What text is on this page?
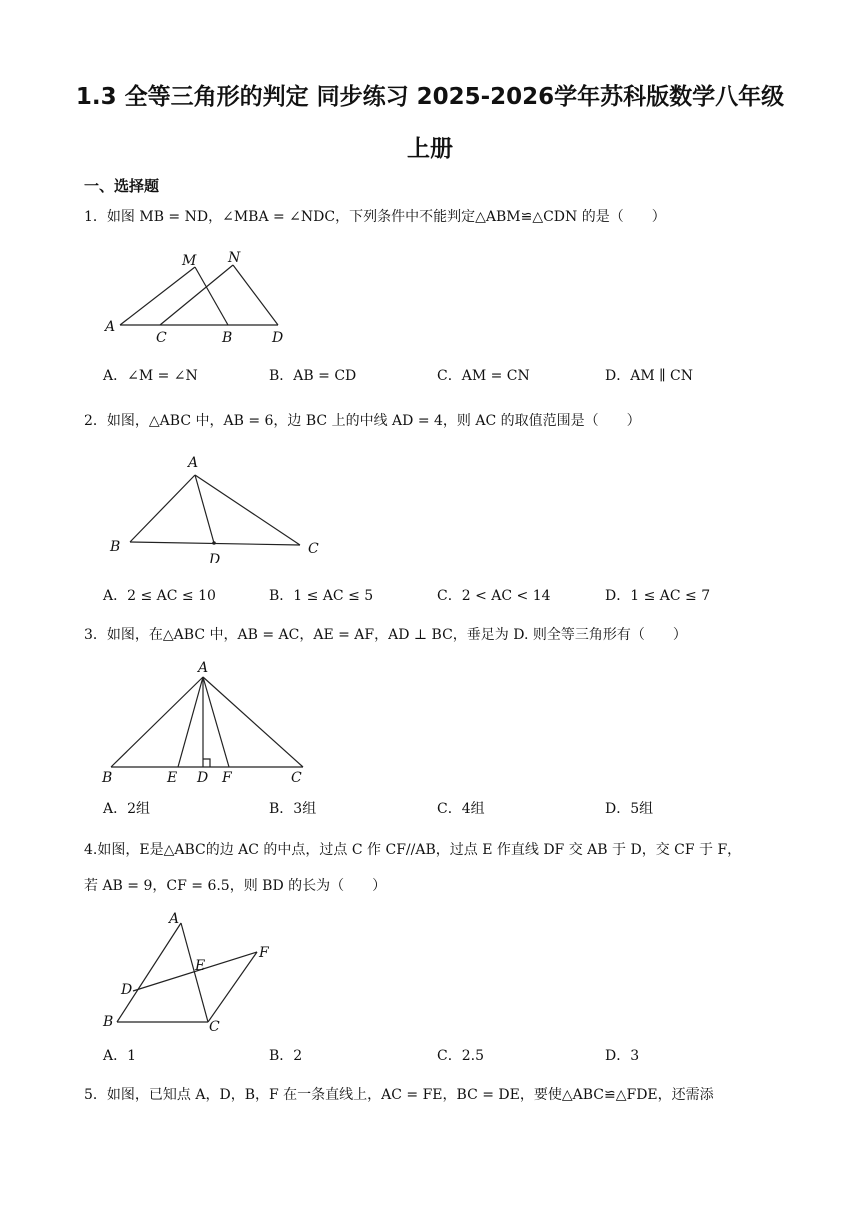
1.3 全等三角形的判定 同步练习 2025-2026学年苏科版数学八年级
上册
一、选择题
1．如图 MB = ND，∠MBA = ∠NDC，下列条件中不能判定△ABM≌△CDN 的是（　　）
A
C	B	D
M N
A．∠M = ∠N	B．AB = CD	C．AM = CN	D．AM ∥ CN
2．如图，△ABC 中，AB = 6，边 BC 上的中线 AD = 4，则 AC 的取值范围是（　　）
A
B
D
C
A．2 ≤ AC ≤ 10	B．1 ≤ AC ≤ 5	C．2 < AC < 14	D．1 ≤ AC ≤ 7
3．如图，在△ABC 中，AB = AC，AE = AF，AD ⊥ BC，垂足为 D. 则全等三角形有（　　）
A
B	E D F	C
A．2组	B．3组	C．4组	D．5组
4.如图，E是△ABC的边 AC 的中点，过点 C 作 CF//AB，过点 E 作直线 DF 交 AB 于 D，交 CF 于 F，
若 AB = 9，CF = 6.5，则 BD 的长为（　　）
A
E
F
D
B	C
A．1	B．2	C．2.5	D．3
5．如图，已知点 A，D，B，F 在一条直线上，AC = FE，BC = DE，要使△ABC≌△FDE，还需添
